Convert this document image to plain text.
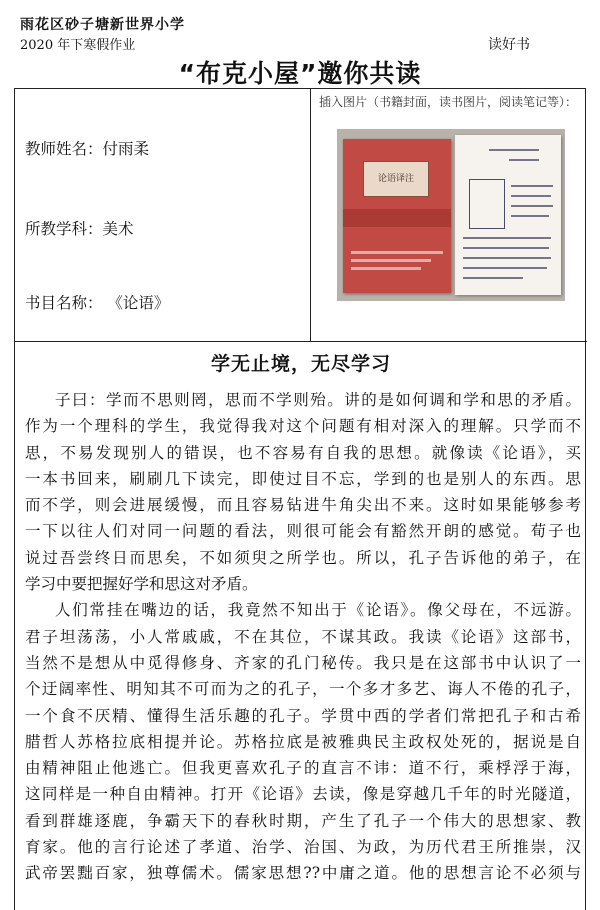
雨花区砂子塘新世界小学
2020 年下寒假作业	读好书
“布克小屋”邀你共读
教师姓名：付雨柔
所教学科：美术
书目名称： 《论语》
插入图片（书籍封面，读书图片，阅读笔记等）：
论语译注
学无止境，无尽学习
子曰：学而不思则罔，思而不学则殆。讲的是如何调和学和思的矛盾。
作为一个理科的学生，我觉得我对这个问题有相对深入的理解。只学而不
思，不易发现别人的错误，也不容易有自我的思想。就像读《论语》，买
一本书回来，刷刷几下读完，即使过目不忘，学到的也是别人的东西。思
而不学，则会进展缓慢，而且容易钻进牛角尖出不来。这时如果能够参考
一下以往人们对同一问题的看法，则很可能会有豁然开朗的感觉。荀子也
说过吾尝终日而思矣，不如须臾之所学也。所以，孔子告诉他的弟子，在
学习中要把握好学和思这对矛盾。
人们常挂在嘴边的话，我竟然不知出于《论语》。像父母在，不远游。
君子坦荡荡，小人常戚戚，不在其位，不谋其政。我读《论语》这部书，
当然不是想从中觅得修身、齐家的孔门秘传。我只是在这部书中认识了一
个迂阔率性、明知其不可而为之的孔子，一个多才多艺、诲人不倦的孔子，
一个食不厌精、懂得生活乐趣的孔子。学贯中西的学者们常把孔子和古希
腊哲人苏格拉底相提并论。苏格拉底是被雅典民主政权处死的，据说是自
由精神阻止他逃亡。但我更喜欢孔子的直言不讳：道不行，乘桴浮于海，
这同样是一种自由精神。打开《论语》去读，像是穿越几千年的时光隧道，
看到群雄逐鹿，争霸天下的春秋时期，产生了孔子一个伟大的思想家、教
育家。他的言行论述了孝道、治学、治国、为政，为历代君王所推崇，汉
武帝罢黜百家，独尊儒术。儒家思想??中庸之道。他的思想言论不必须与
